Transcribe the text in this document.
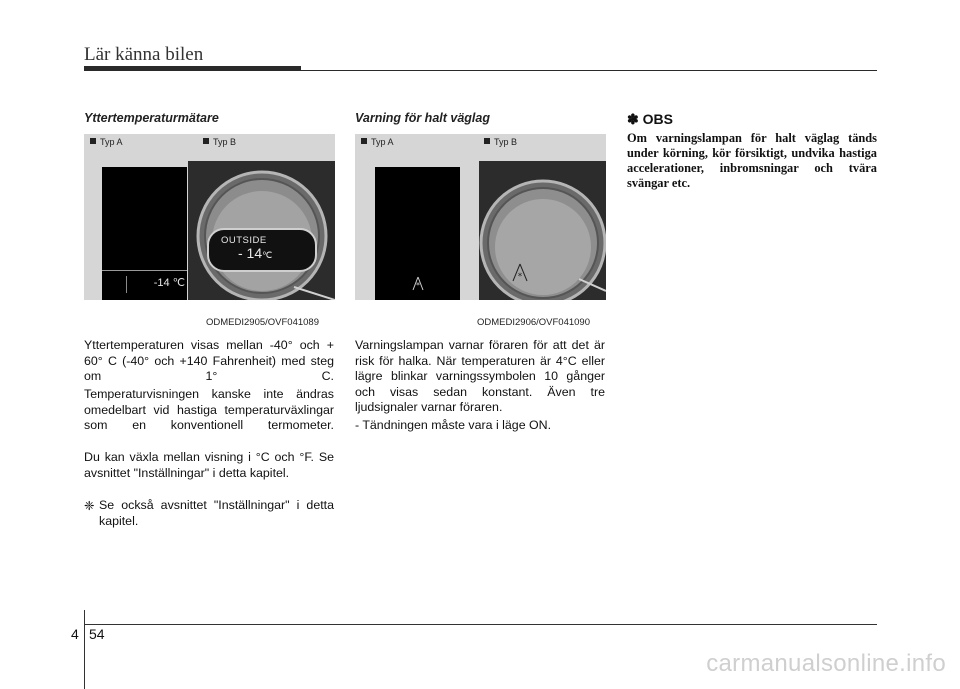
Lär känna bilen
Yttertemperaturmätare
Typ A	Typ B
-14 ℃
OUTSIDE
- 14℃
ODMEDI2905/OVF041089

Yttertemperaturen visas mellan -40° och + 60° C (-40° och +140 Fahrenheit) med steg om 1° C.

Temperaturvisningen kanske inte ändras omedelbart vid hastiga temperaturväxlingar som en konventionell termometer.

Du kan växla mellan visning i °C och °F. Se avsnittet "Inställningar" i detta kapitel.

❈ Se också avsnittet "Inställningar" i detta kapitel.

Varning för halt väglag
Typ A	Typ B
*
*
ODMEDI2906/OVF041090

Varningslampan varnar föraren för att det är risk för halka. När temperaturen är 4°C eller lägre blinkar varningssymbolen 10 gånger och visas sedan konstant. Även tre ljudsignaler varnar föraren.

- Tändningen måste vara i läge ON.

✽ OBS

Om varningslampan för halt väglag tänds under körning, kör försiktigt, undvika hastiga accelerationer, inbromsningar och tvära svängar etc.

4 54
carmanualsonline.info
